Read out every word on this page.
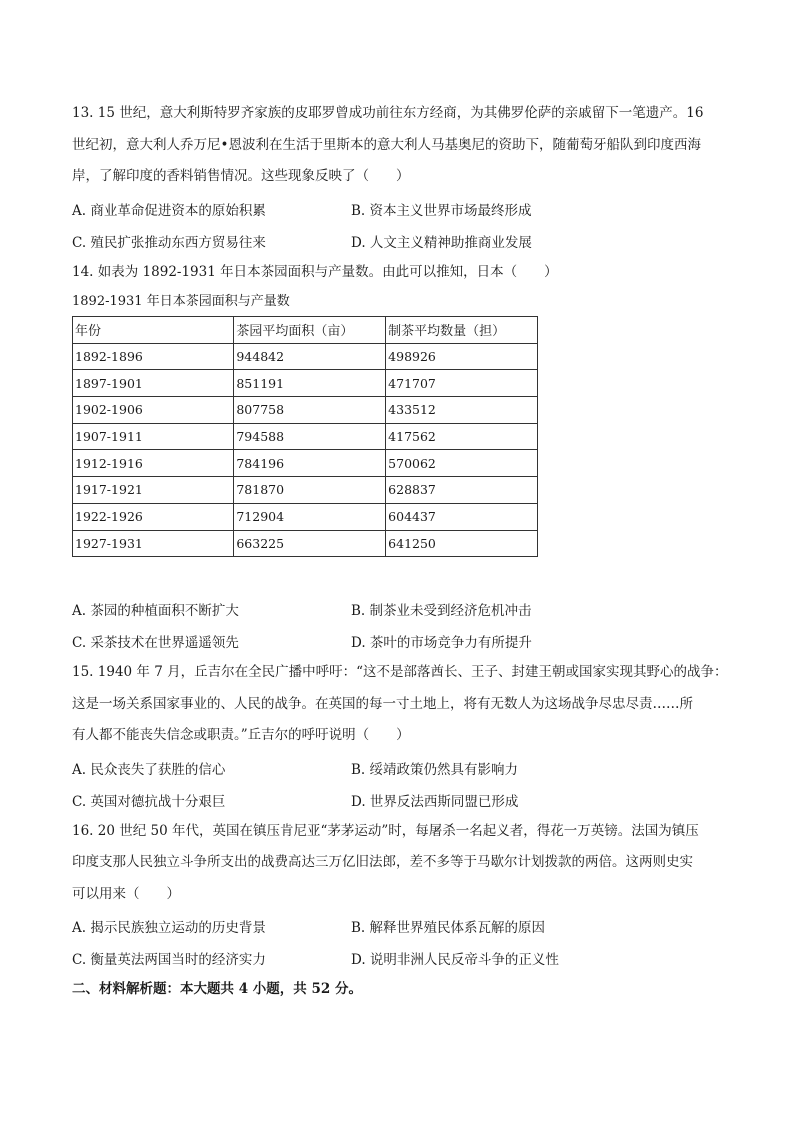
13. 15 世纪，意大利斯特罗齐家族的皮耶罗曾成功前往东方经商，为其佛罗伦萨的亲戚留下一笔遗产。16

世纪初，意大利人乔万尼•恩波利在生活于里斯本的意大利人马基奥尼的资助下，随葡萄牙船队到印度西海

岸，了解印度的香料销售情况。这些现象反映了（　　）

A. 商业革命促进资本的原始积累	B. 资本主义世界市场最终形成
C. 殖民扩张推动东西方贸易往来	D. 人文主义精神助推商业发展

14. 如表为 1892-1931 年日本茶园面积与产量数。由此可以推知，日本（　　）

1892-1931 年日本茶园面积与产量数

年份	茶园平均面积（亩）	制茶平均数量（担）
1892-1896	944842	498926
1897-1901	851191	471707
1902-1906	807758	433512
1907-1911	794588	417562
1912-1916	784196	570062
1917-1921	781870	628837
1922-1926	712904	604437
1927-1931	663225	641250
A. 茶园的种植面积不断扩大	B. 制茶业未受到经济危机冲击
C. 采茶技术在世界遥遥领先	D. 茶叶的市场竞争力有所提升

15. 1940 年 7 月，丘吉尔在全民广播中呼吁：“这不是部落酋长、王子、封建王朝或国家实现其野心的战争：

这是一场关系国家事业的、人民的战争。在英国的每一寸土地上，将有无数人为这场战争尽忠尽责……所

有人都不能丧失信念或职责。”丘吉尔的呼吁说明（　　）

A. 民众丧失了获胜的信心	B. 绥靖政策仍然具有影响力
C. 英国对德抗战十分艰巨	D. 世界反法西斯同盟已形成

16. 20 世纪 50 年代，英国在镇压肯尼亚“茅茅运动”时，每屠杀一名起义者，得花一万英镑。法国为镇压

印度支那人民独立斗争所支出的战费高达三万亿旧法郎，差不多等于马歇尔计划拨款的两倍。这两则史实

可以用来（　　）

A. 揭示民族独立运动的历史背景	B. 解释世界殖民体系瓦解的原因
C. 衡量英法两国当时的经济实力	D. 说明非洲人民反帝斗争的正义性

二、材料解析题：本大题共 4 小题，共 52 分。
